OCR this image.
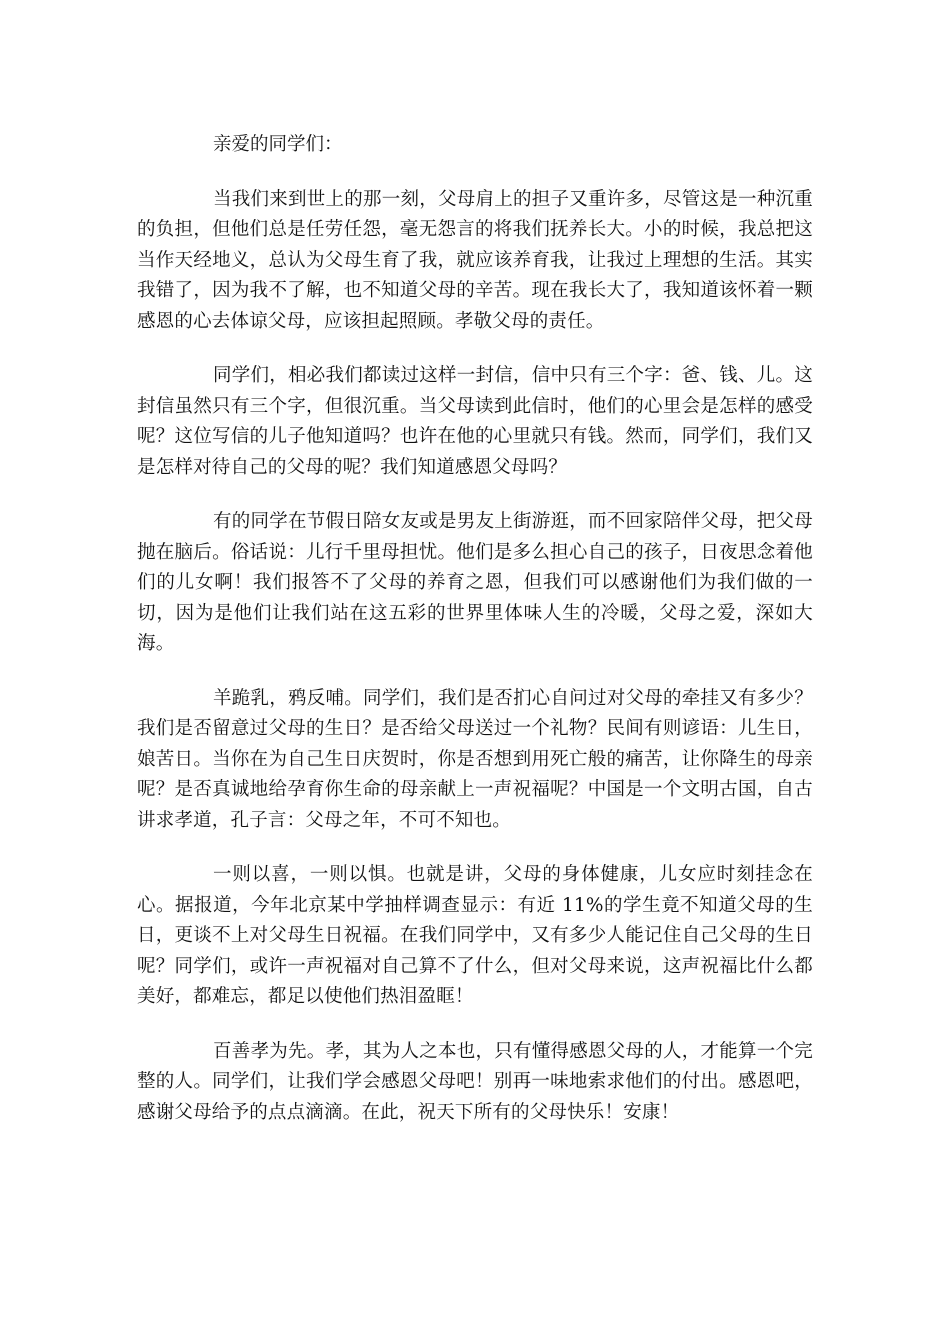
亲爱的同学们：

当我们来到世上的那一刻，父母肩上的担子又重许多，尽管这是一种沉重的负担，但他们总是任劳任怨，毫无怨言的将我们抚养长大。小的时候，我总把这当作天经地义，总认为父母生育了我，就应该养育我，让我过上理想的生活。其实我错了，因为我不了解，也不知道父母的辛苦。现在我长大了，我知道该怀着一颗感恩的心去体谅父母，应该担起照顾。孝敬父母的责任。

同学们，相必我们都读过这样一封信，信中只有三个字：爸、钱、儿。这封信虽然只有三个字，但很沉重。当父母读到此信时，他们的心里会是怎样的感受呢？这位写信的儿子他知道吗？也许在他的心里就只有钱。然而，同学们，我们又是怎样对待自己的父母的呢？我们知道感恩父母吗？

有的同学在节假日陪女友或是男友上街游逛，而不回家陪伴父母，把父母抛在脑后。俗话说：儿行千里母担忧。他们是多么担心自己的孩子，日夜思念着他们的儿女啊！我们报答不了父母的养育之恩，但我们可以感谢他们为我们做的一切，因为是他们让我们站在这五彩的世界里体味人生的冷暖，父母之爱，深如大海。

羊跪乳，鸦反哺。同学们，我们是否扪心自问过对父母的牵挂又有多少？我们是否留意过父母的生日？是否给父母送过一个礼物？民间有则谚语：儿生日，娘苦日。当你在为自己生日庆贺时，你是否想到用死亡般的痛苦，让你降生的母亲呢？是否真诚地给孕育你生命的母亲献上一声祝福呢？中国是一个文明古国，自古讲求孝道，孔子言：父母之年，不可不知也。

一则以喜，一则以惧。也就是讲，父母的身体健康，儿女应时刻挂念在心。据报道，今年北京某中学抽样调查显示：有近 11%的学生竟不知道父母的生日，更谈不上对父母生日祝福。在我们同学中，又有多少人能记住自己父母的生日呢？同学们，或许一声祝福对自己算不了什么，但对父母来说，这声祝福比什么都美好，都难忘，都足以使他们热泪盈眶！

百善孝为先。孝，其为人之本也，只有懂得感恩父母的人，才能算一个完整的人。同学们，让我们学会感恩父母吧！别再一味地索求他们的付出。感恩吧，感谢父母给予的点点滴滴。在此，祝天下所有的父母快乐！安康！
